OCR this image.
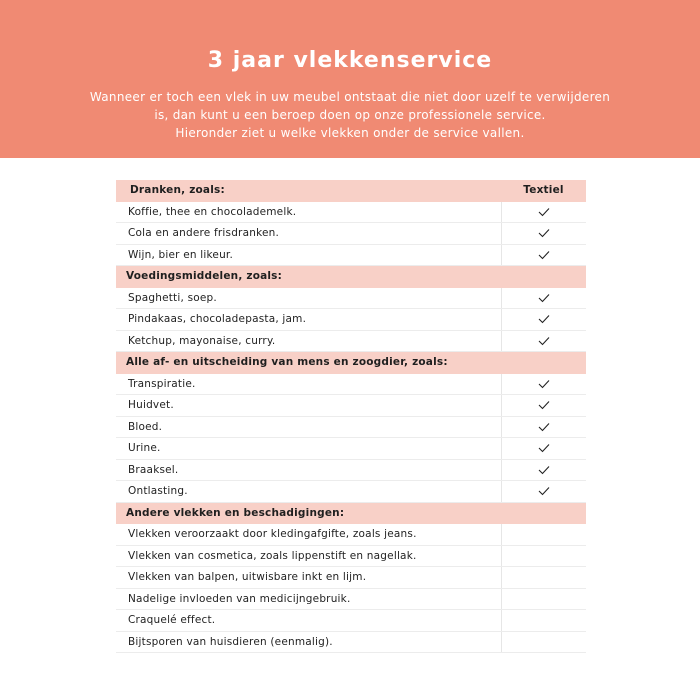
3 jaar vlekkenservice
Wanneer er toch een vlek in uw meubel ontstaat die niet door uzelf te verwijderen
is, dan kunt u een beroep doen op onze professionele service.
Hieronder ziet u welke vlekken onder de service vallen.
Dranken, zoals:	Textiel
Koffie, thee en chocolademelk.
Cola en andere frisdranken.
Wijn, bier en likeur.
Voedingsmiddelen, zoals:
Spaghetti, soep.
Pindakaas, chocoladepasta, jam.
Ketchup, mayonaise, curry.
Alle af- en uitscheiding van mens en zoogdier, zoals:
Transpiratie.
Huidvet.
Bloed.
Urine.
Braaksel.
Ontlasting.
Andere vlekken en beschadigingen:
Vlekken veroorzaakt door kledingafgifte, zoals jeans.
Vlekken van cosmetica, zoals lippenstift en nagellak.
Vlekken van balpen, uitwisbare inkt en lijm.
Nadelige invloeden van medicijngebruik.
Craquelé effect.
Bijtsporen van huisdieren (eenmalig).
